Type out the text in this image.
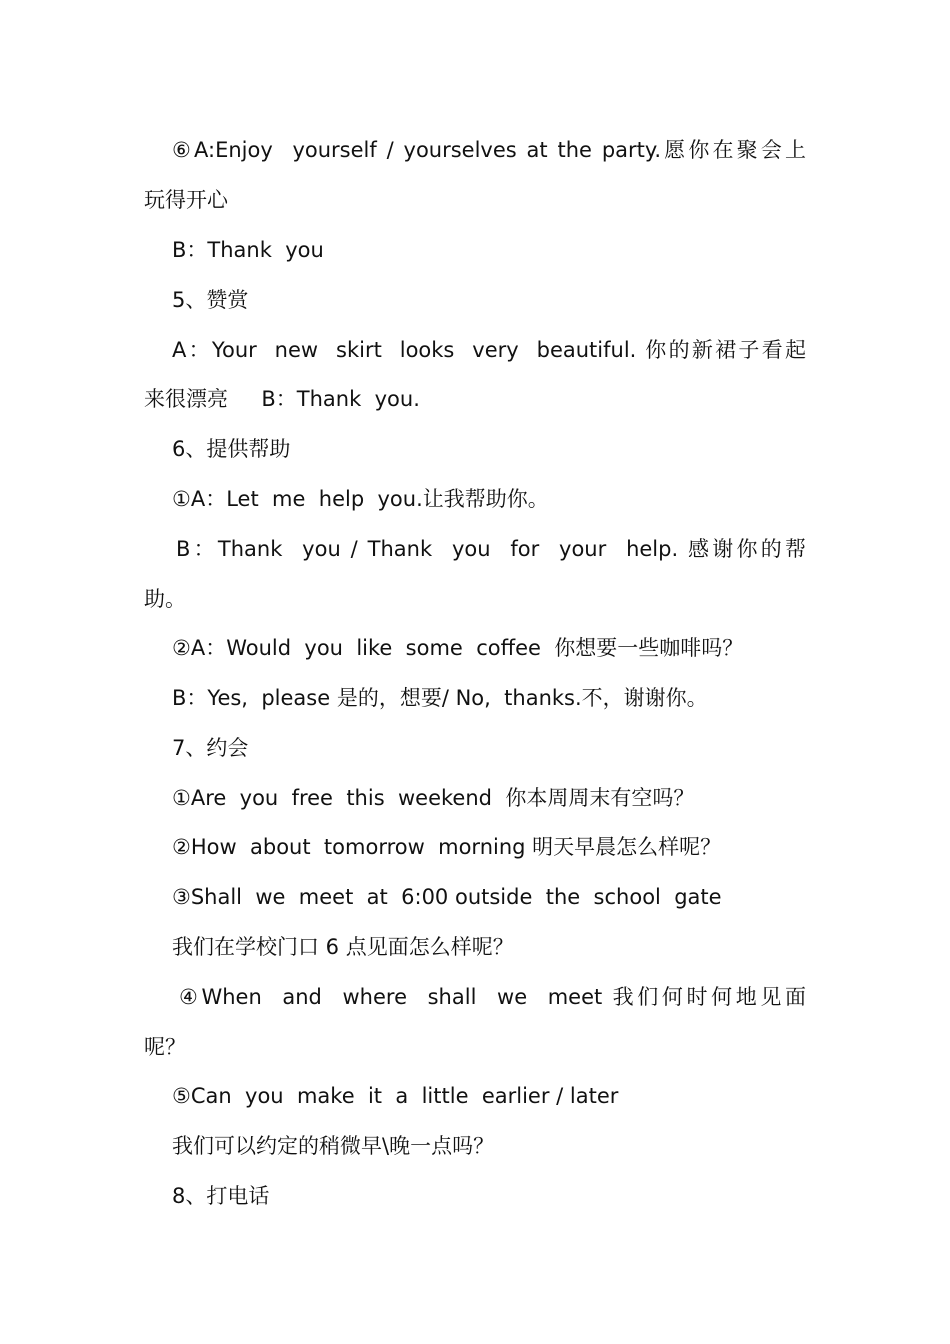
⑥A:Enjoy  yourself / yourselves at the party.愿你在聚会上
玩得开心
B：Thank  you
5、赞赏
A：Your  new  skirt  looks  very  beautiful. 你的新裙子看起
来很漂亮     B：Thank  you.
6、提供帮助
①A：Let  me  help  you.让我帮助你。
B：Thank  you / Thank  you  for  your  help. 感谢你的帮
助。
②A：Would  you  like  some  coffee  你想要一些咖啡吗？
B：Yes,  please 是的，想要/ No,  thanks.不，谢谢你。
7、约会
①Are  you  free  this  weekend  你本周周末有空吗？
②How  about  tomorrow  morning 明天早晨怎么样呢？
③Shall  we  meet  at  6:00 outside  the  school  gate
我们在学校门口 6 点见面怎么样呢？
④When  and  where  shall  we  meet 我们何时何地见面
呢？
⑤Can  you  make  it  a  little  earlier / later
我们可以约定的稍微早\晚一点吗？
8、打电话
